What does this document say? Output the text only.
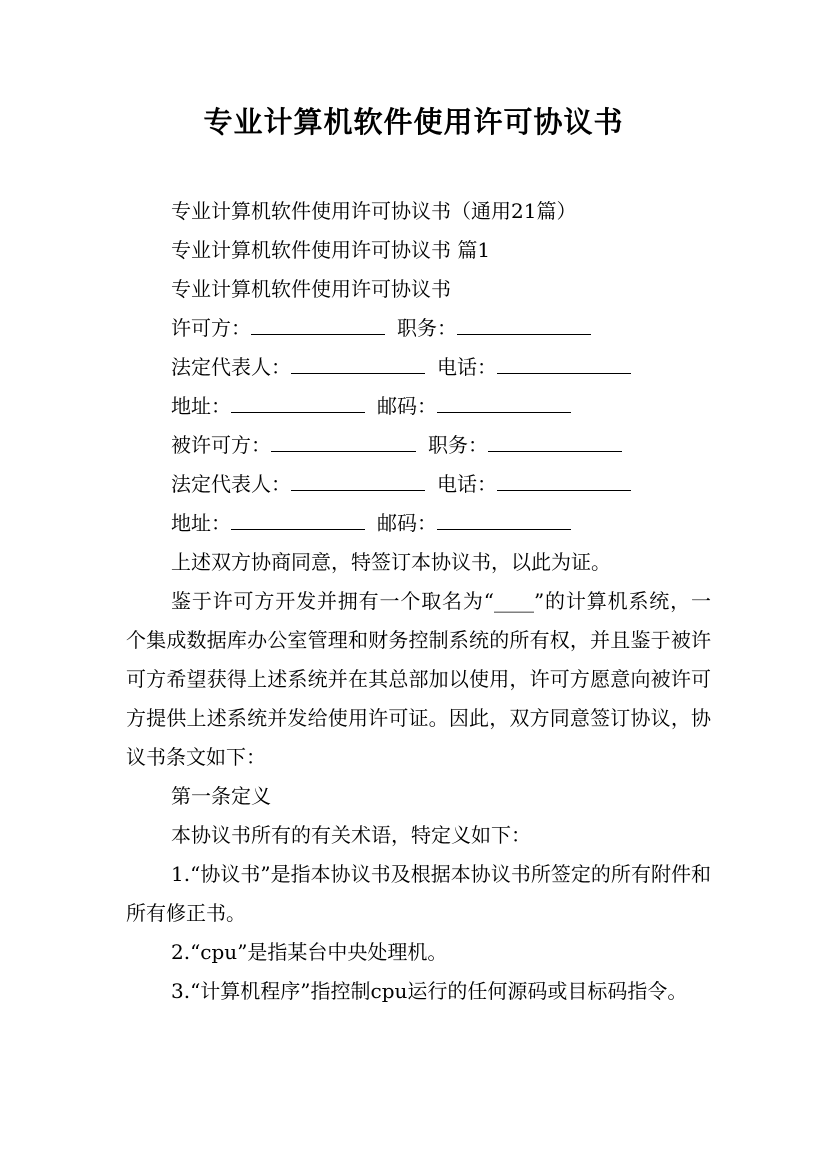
专业计算机软件使用许可协议书
专业计算机软件使用许可协议书（通用21篇）
专业计算机软件使用许可协议书 篇1
专业计算机软件使用许可协议书
许可方：	职务：
法定代表人：	电话：
地址：	邮码：
被许可方：	职务：
法定代表人：	电话：
地址：	邮码：
上述双方协商同意，特签订本协议书，以此为证。
鉴于许可方开发并拥有一个取名为“____”的计算机系统，一个集成数据库办公室管理和财务控制系统的所有权，并且鉴于被许可方希望获得上述系统并在其总部加以使用，许可方愿意向被许可方提供上述系统并发给使用许可证。因此，双方同意签订协议，协议书条文如下：
第一条定义
本协议书所有的有关术语，特定义如下：
1.“协议书”是指本协议书及根据本协议书所签定的所有附件和所有修正书。
2.“cpu”是指某台中央处理机。
3.“计算机程序”指控制cpu运行的任何源码或目标码指令。
